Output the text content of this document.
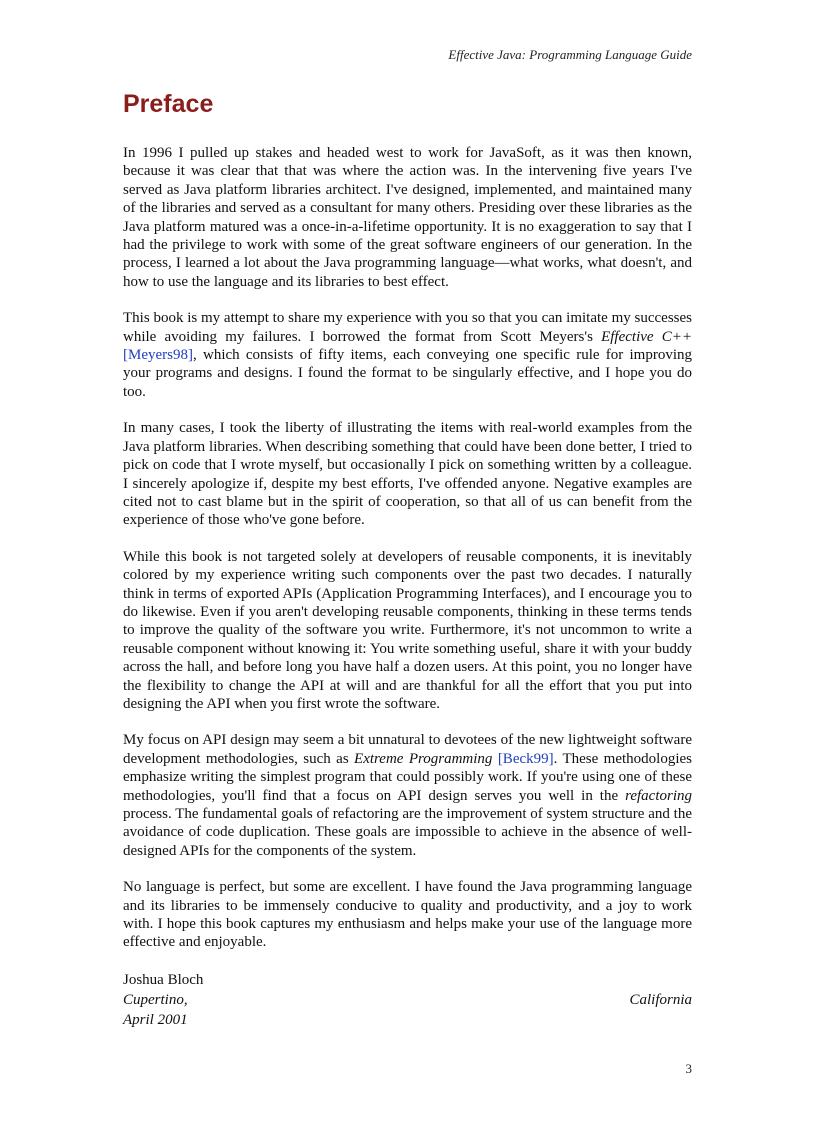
Effective Java: Programming Language Guide
Preface

In 1996 I pulled up stakes and headed west to work for JavaSoft, as it was then known, because it was clear that that was where the action was. In the intervening five years I've served as Java platform libraries architect. I've designed, implemented, and maintained many of the libraries and served as a consultant for many others. Presiding over these libraries as the Java platform matured was a once-in-a-lifetime opportunity. It is no exaggeration to say that I had the privilege to work with some of the great software engineers of our generation. In the process, I learned a lot about the Java programming language—what works, what doesn't, and how to use the language and its libraries to best effect.

This book is my attempt to share my experience with you so that you can imitate my successes while avoiding my failures. I borrowed the format from Scott Meyers's Effective C++ [Meyers98], which consists of fifty items, each conveying one specific rule for improving your programs and designs. I found the format to be singularly effective, and I hope you do too.

In many cases, I took the liberty of illustrating the items with real-world examples from the Java platform libraries. When describing something that could have been done better, I tried to pick on code that I wrote myself, but occasionally I pick on something written by a colleague. I sincerely apologize if, despite my best efforts, I've offended anyone. Negative examples are cited not to cast blame but in the spirit of cooperation, so that all of us can benefit from the experience of those who've gone before.

While this book is not targeted solely at developers of reusable components, it is inevitably colored by my experience writing such components over the past two decades. I naturally think in terms of exported APIs (Application Programming Interfaces), and I encourage you to do likewise. Even if you aren't developing reusable components, thinking in these terms tends to improve the quality of the software you write. Furthermore, it's not uncommon to write a reusable component without knowing it: You write something useful, share it with your buddy across the hall, and before long you have half a dozen users. At this point, you no longer have the flexibility to change the API at will and are thankful for all the effort that you put into designing the API when you first wrote the software.

My focus on API design may seem a bit unnatural to devotees of the new lightweight software development methodologies, such as Extreme Programming [Beck99]. These methodologies emphasize writing the simplest program that could possibly work. If you're using one of these methodologies, you'll find that a focus on API design serves you well in the refactoring process. The fundamental goals of refactoring are the improvement of system structure and the avoidance of code duplication. These goals are impossible to achieve in the absence of well-designed APIs for the components of the system.

No language is perfect, but some are excellent. I have found the Java programming language and its libraries to be immensely conducive to quality and productivity, and a joy to work with. I hope this book captures my enthusiasm and helps make your use of the language more effective and enjoyable.

Joshua Bloch

Cupertino,	California

April 2001

3
